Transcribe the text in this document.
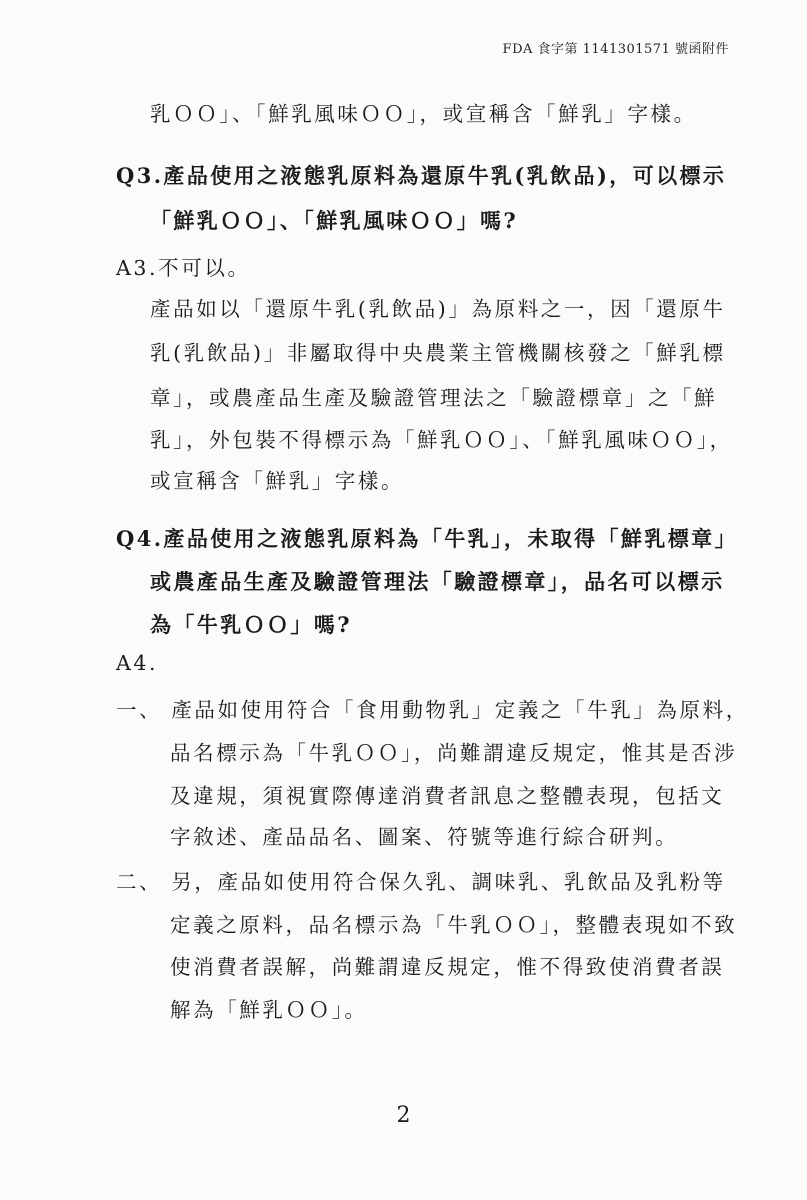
FDA 食字第 1141301571 號函附件
乳ＯＯ」、「鮮乳風味ＯＯ」，或宣稱含「鮮乳」字樣。
Q3.產品使用之液態乳原料為還原牛乳(乳飲品)，可以標示
「鮮乳ＯＯ」、「鮮乳風味ＯＯ」嗎?
A3.不可以。
產品如以「還原牛乳(乳飲品)」為原料之一，因「還原牛
乳(乳飲品)」非屬取得中央農業主管機關核發之「鮮乳標
章」，或農產品生產及驗證管理法之「驗證標章」之「鮮
乳」，外包裝不得標示為「鮮乳ＯＯ」、「鮮乳風味ＯＯ」，
或宣稱含「鮮乳」字樣。
Q4.產品使用之液態乳原料為「牛乳」，未取得「鮮乳標章」
或農產品生產及驗證管理法「驗證標章」，品名可以標示
為「牛乳ＯＯ」嗎?
A4.
一、 產品如使用符合「食用動物乳」定義之「牛乳」為原料，
品名標示為「牛乳ＯＯ」，尚難謂違反規定，惟其是否涉
及違規，須視實際傳達消費者訊息之整體表現，包括文
字敘述、產品品名、圖案、符號等進行綜合研判。
二、 另，產品如使用符合保久乳、調味乳、乳飲品及乳粉等
定義之原料，品名標示為「牛乳ＯＯ」，整體表現如不致
使消費者誤解，尚難謂違反規定，惟不得致使消費者誤
解為「鮮乳ＯＯ」。
2
